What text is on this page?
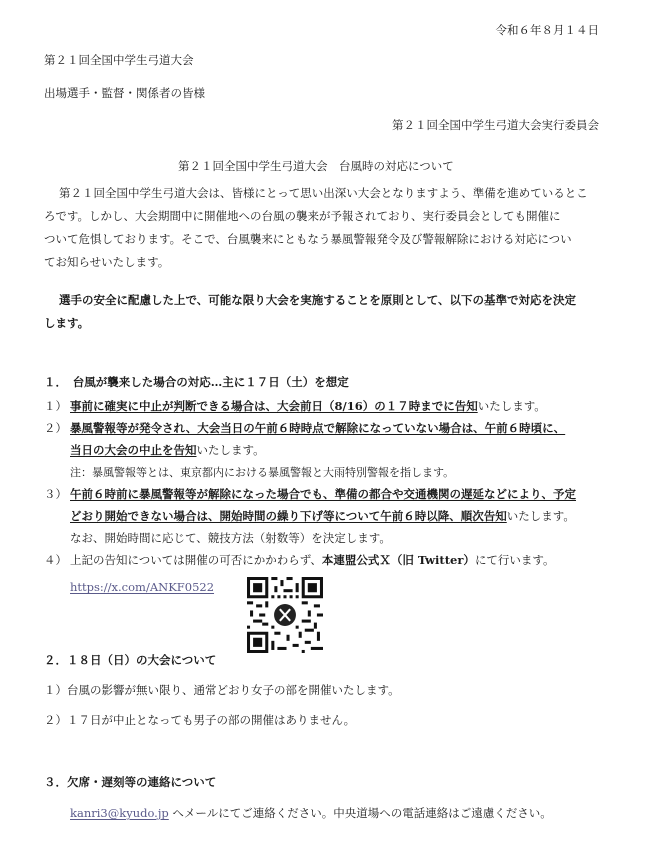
令和６年８月１４日
第２１回全国中学生弓道大会
出場選手・監督・関係者の皆様
第２１回全国中学生弓道大会実行委員会
第２１回全国中学生弓道大会　台風時の対応について
第２１回全国中学生弓道大会は、皆様にとって思い出深い大会となりますよう、準備を進めているとこ
ろです。しかし、大会期間中に開催地への台風の襲来が予報されており、実行委員会としても開催に
ついて危惧しております。そこで、台風襲来にともなう暴風警報発令及び警報解除における対応につい
てお知らせいたします。
選手の安全に配慮した上で、可能な限り大会を実施することを原則として、以下の基準で対応を決定
します。
１．　台風が襲来した場合の対応…主に１７日（土）を想定
１） 事前に確実に中止が判断できる場合は、大会前日（8/16）の１７時までに告知いたします。
２） 暴風警報等が発令され、大会当日の午前６時時点で解除になっていない場合は、午前６時頃に、
当日の大会の中止を告知いたします。
注：暴風警報等とは、東京都内における暴風警報と大雨特別警報を指します。
３） 午前６時前に暴風警報等が解除になった場合でも、準備の都合や交通機関の遅延などにより、予定
どおり開始できない場合は、開始時間の繰り下げ等について午前６時以降、順次告知いたします。
なお、開始時間に応じて、競技方法（射数等）を決定します。
４） 上記の告知については開催の可否にかかわらず、本連盟公式Ｘ（旧 Twitter）にて行います。
https://x.com/ANKF0522
２．１８日（日）の大会について
１）台風の影響が無い限り、通常どおり女子の部を開催いたします。
２）１７日が中止となっても男子の部の開催はありません。
３．欠席・遅刻等の連絡について
kanri3@kyudo.jp へメールにてご連絡ください。中央道場への電話連絡はご遠慮ください。
